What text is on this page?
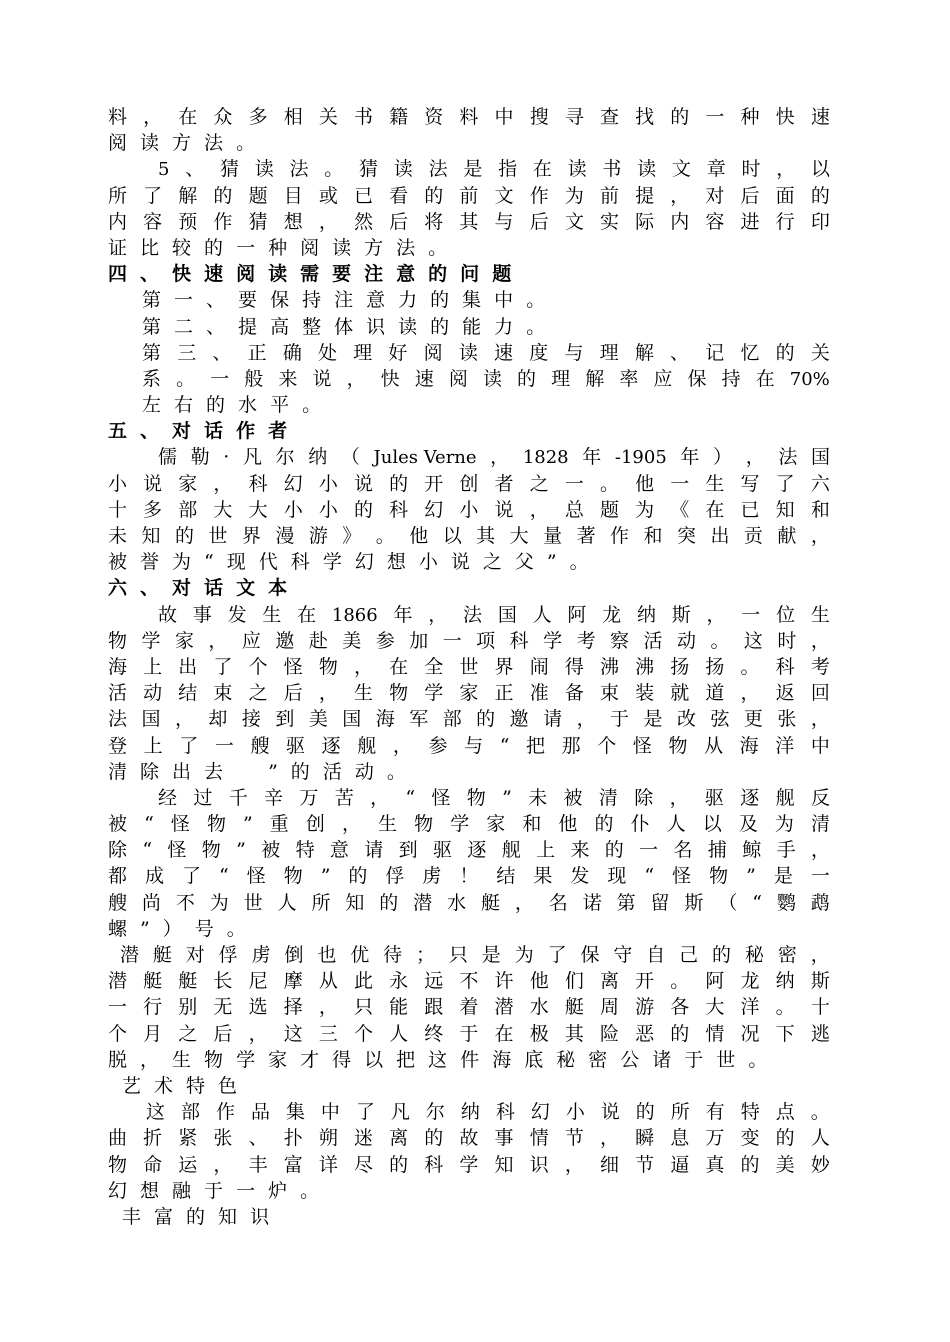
料 ， 在 众 多 相 关 书 籍 资 料 中 搜 寻 查 找 的 一 种 快 速
阅 读 方 法 。
5 、 猜 读 法 。 猜 读 法 是 指 在 读 书 读 文 章 时 ， 以
所 了 解 的 题 目 或 已 看 的 前 文 作 为 前 提 ， 对 后 面 的
内 容 预 作 猜 想 ， 然 后 将 其 与 后 文 实 际 内 容 进 行 印
证 比 较 的 一 种 阅 读 方 法 。
四 、 快 速 阅 读 需 要 注 意 的 问 题
第 一 、 要 保 持 注 意 力 的 集 中 。
第 二 、 提 高 整 体 识 读 的 能 力 。
第 三 、 正 确 处 理 好 阅 读 速 度 与 理 解 、 记 忆 的 关
系 。 一 般 来 说 ， 快 速 阅 读 的 理 解 率 应 保 持 在 70%
左 右 的 水 平 。
五 、 对 话 作 者
儒 勒 · 凡 尔 纳 （ Jules Verne ， 1828 年 -1905 年 ） ， 法 国
小 说 家 ， 科 幻 小 说 的 开 创 者 之 一 。 他 一 生 写 了 六
十 多 部 大 大 小 小 的 科 幻 小 说 ， 总 题 为 《 在 已 知 和
未 知 的 世 界 漫 游 》 。 他 以 其 大 量 著 作 和 突 出 贡 献 ，
被 誉 为 “ 现 代 科 学 幻 想 小 说 之 父 ” 。
六 、 对 话 文 本
故 事 发 生 在 1866 年 ， 法 国 人 阿 龙 纳 斯 ， 一 位 生
物 学 家 ， 应 邀 赴 美 参 加 一 项 科 学 考 察 活 动 。 这 时 ，
海 上 出 了 个 怪 物 ， 在 全 世 界 闹 得 沸 沸 扬 扬 。 科 考
活 动 结 束 之 后 ， 生 物 学 家 正 准 备 束 装 就 道 ， 返 回
法 国 ， 却 接 到 美 国 海 军 部 的 邀 请 ， 于 是 改 弦 更 张 ，
登 上 了 一 艘 驱 逐 舰 ， 参 与 “ 把 那 个 怪 物 从 海 洋 中
清 除 出 去
　 ” 的 活 动 。
经 过 千 辛 万 苦 ， “ 怪 物 ” 未 被 清 除 ， 驱 逐 舰 反
被 “ 怪 物 ” 重 创 ， 生 物 学 家 和 他 的 仆 人 以 及 为 清
除 “ 怪 物 ” 被 特 意 请 到 驱 逐 舰 上 来 的 一 名 捕 鲸 手 ，
都 成 了 “ 怪 物 ” 的 俘 虏 ！ 结 果 发 现 “ 怪 物 ” 是 一
艘 尚 不 为 世 人 所 知 的 潜 水 艇 ， 名 诺 第 留 斯 （ “ 鹦 鹉
螺 ” ） 号 。
潜 艇 对 俘 虏 倒 也 优 待 ； 只 是 为 了 保 守 自 己 的 秘 密 ，
潜 艇 艇 长 尼 摩 从 此 永 远 不 许 他 们 离 开 。 阿 龙 纳 斯
一 行 别 无 选 择 ， 只 能 跟 着 潜 水 艇 周 游 各 大 洋 。 十
个 月 之 后 ， 这 三 个 人 终 于 在 极 其 险 恶 的 情 况 下 逃
脱 ， 生 物 学 家 才 得 以 把 这 件 海 底 秘 密 公 诸 于 世 。
艺 术 特 色
这 部 作 品 集 中 了 凡 尔 纳 科 幻 小 说 的 所 有 特 点 。
曲 折 紧 张 、 扑 朔 迷 离 的 故 事 情 节 ， 瞬 息 万 变 的 人
物 命 运 ， 丰 富 详 尽 的 科 学 知 识 ， 细 节 逼 真 的 美 妙
幻 想 融 于 一 炉 。
丰 富 的 知 识
